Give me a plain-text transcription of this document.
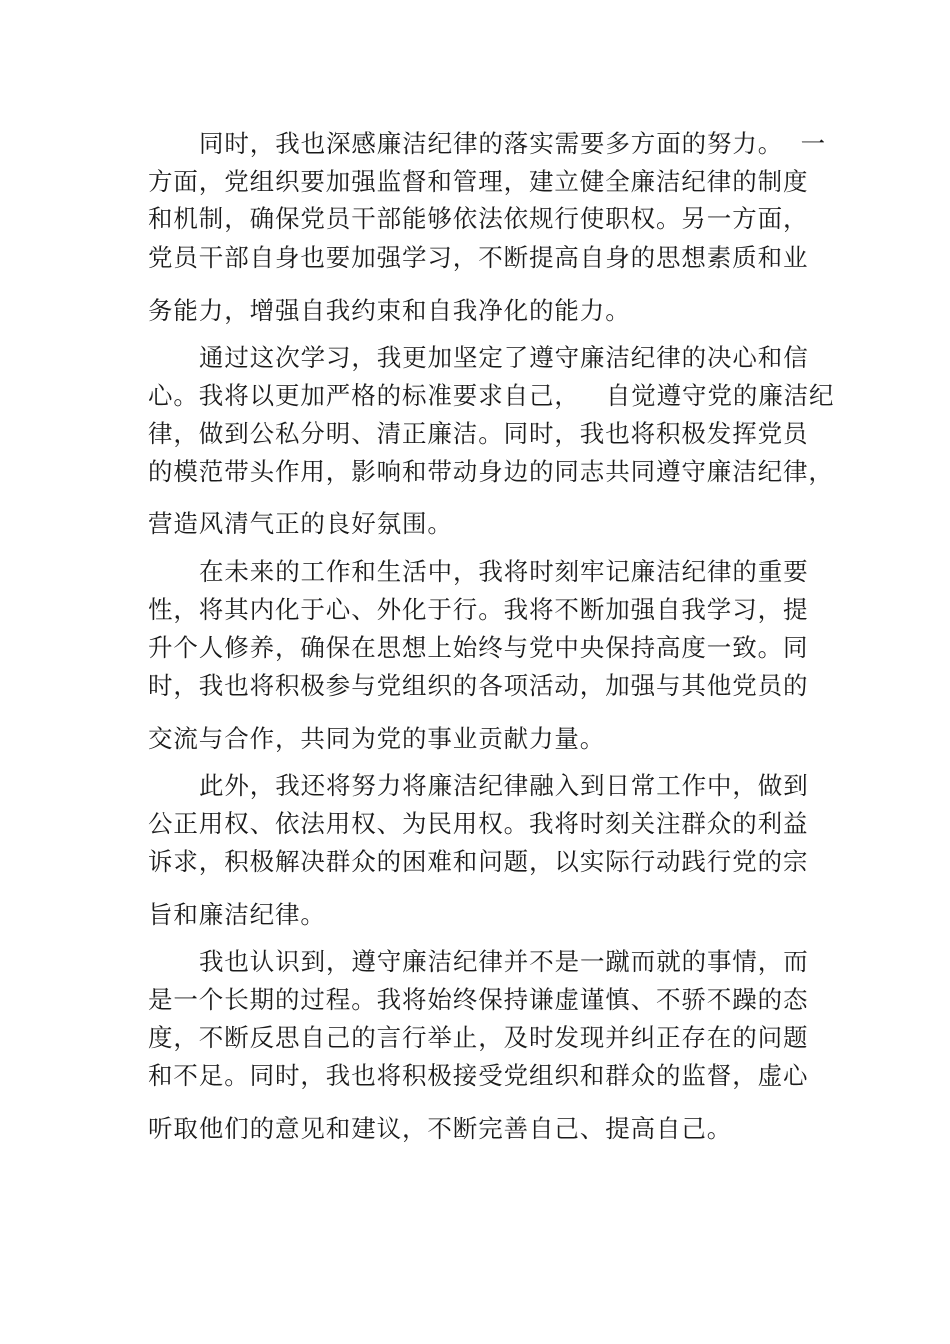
同时，我也深感廉洁纪律的落实需要多方面的努力。  一
方面，党组织要加强监督和管理，建立健全廉洁纪律的制度
和机制，确保党员干部能够依法依规行使职权。另一方面，
党员干部自身也要加强学习，不断提高自身的思想素质和业
务能力，增强自我约束和自我净化的能力。
通过这次学习，我更加坚定了遵守廉洁纪律的决心和信
心。我将以更加严格的标准要求自己，   自觉遵守党的廉洁纪
律，做到公私分明、清正廉洁。同时，我也将积极发挥党员
的模范带头作用，影响和带动身边的同志共同遵守廉洁纪律，
营造风清气正的良好氛围。
在未来的工作和生活中，我将时刻牢记廉洁纪律的重要
性，将其内化于心、外化于行。我将不断加强自我学习，提
升个人修养，确保在思想上始终与党中央保持高度一致。同
时，我也将积极参与党组织的各项活动，加强与其他党员的
交流与合作，共同为党的事业贡献力量。
此外，我还将努力将廉洁纪律融入到日常工作中，做到
公正用权、依法用权、为民用权。我将时刻关注群众的利益
诉求，积极解决群众的困难和问题，以实际行动践行党的宗
旨和廉洁纪律。
我也认识到，遵守廉洁纪律并不是一蹴而就的事情，而
是一个长期的过程。我将始终保持谦虚谨慎、不骄不躁的态
度，不断反思自己的言行举止，及时发现并纠正存在的问题
和不足。同时，我也将积极接受党组织和群众的监督，虚心
听取他们的意见和建议，不断完善自己、提高自己。
